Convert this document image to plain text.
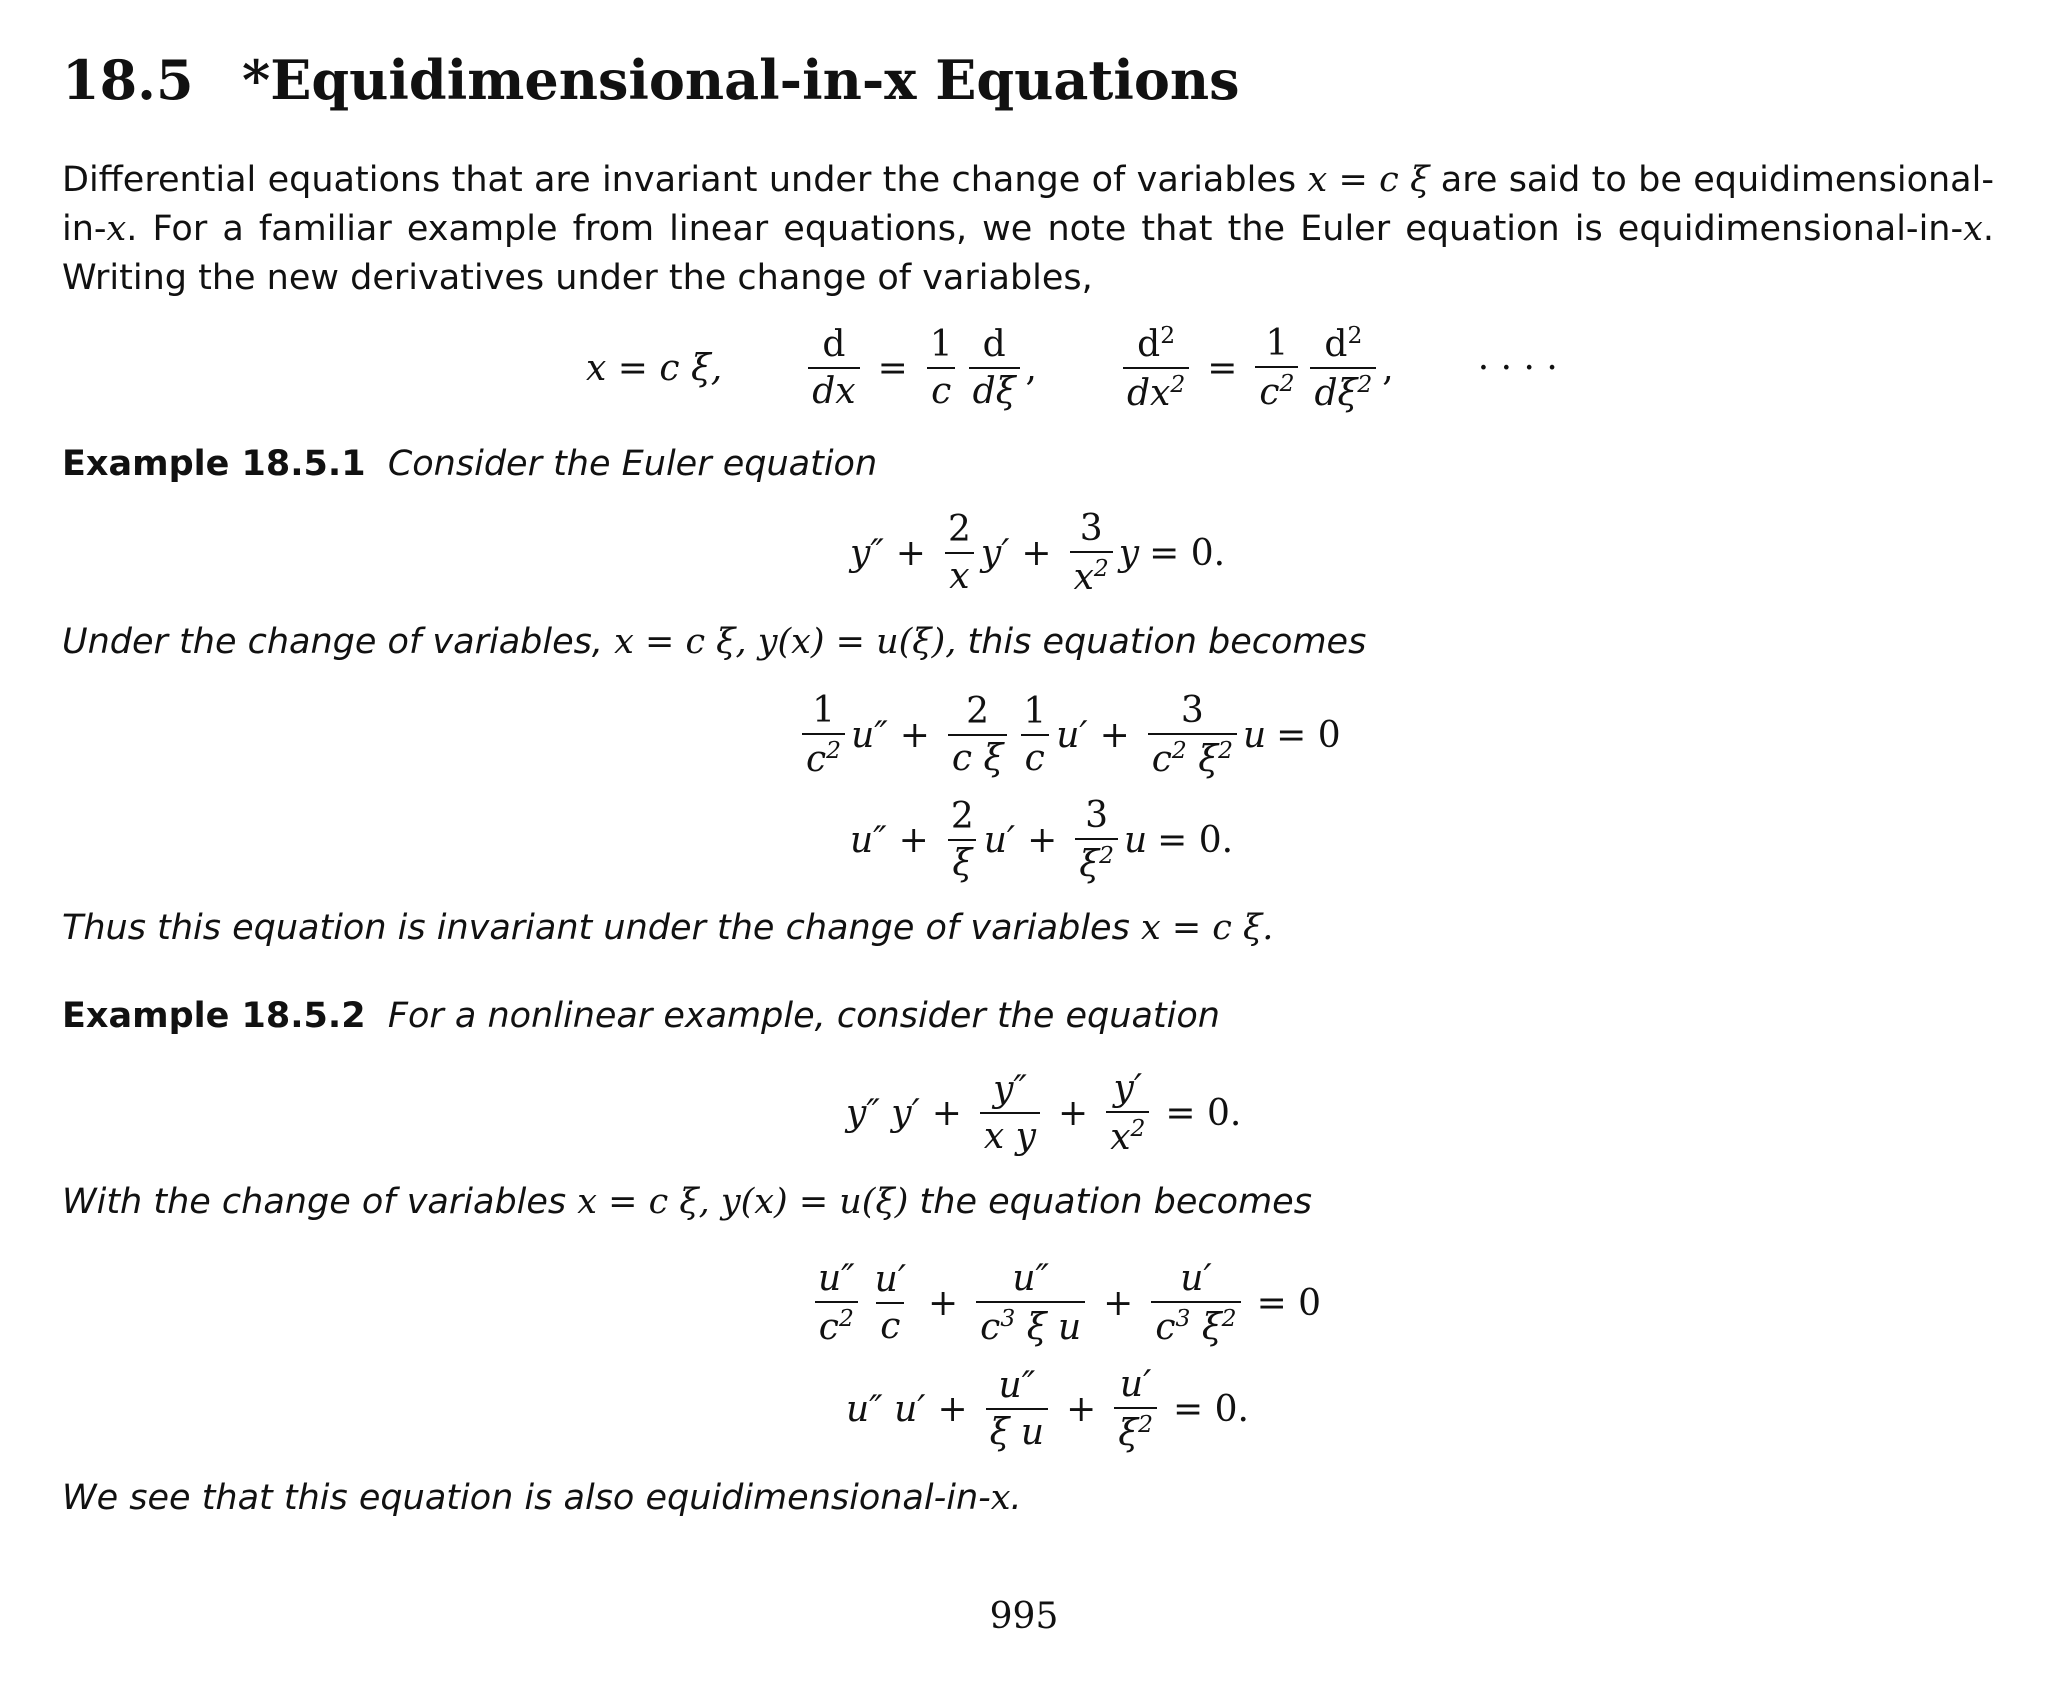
18.5 *Equidimensional-in-x Equations

Differential equations that are invariant under the change of variables x = c ξ are said to be equidimensional-in-x. For a familiar example from linear equations, we note that the Euler equation is equidimensional-in-x. Writing the new derivatives under the change of variables,

x = c ξ, $\frac{d}{dx} = \frac{1}{c} \frac{d}{d\xi}$ , $\frac{d^2}{dx^2} = \frac{1}{c^2} \frac{d^2}{d\xi^2}$ , · · · ·
Example 18.5.1 Consider the Euler equation
$y'' + \frac{2}{x} y' + \frac{3}{x^2}$ y = 0.
Under the change of variables, x = c ξ, y(x) = u(ξ), this equation becomes
$\frac{1}{c^2} u'' + \frac{2}{\text{c ξ}} \frac{1}{c} u' + \frac{3}{c^2 \xi^2}$ u = 0
$u'' + \frac{2}{\xi} u' + \frac{3}{\xi^2}$ u = 0.
Thus this equation is invariant under the change of variables x = c ξ.
Example 18.5.2 For a nonlinear example, consider the equation
y″ $y' + \frac{y''}{\text{x y}} + \frac{y'}{x^2} = 0$.
With the change of variables x = c ξ, y(x) = u(ξ) the equation becomes
$\frac{u''}{c^2} \frac{u'}{c} + \frac{u''}{c^3 \xi u} + \frac{u'}{c^3 \xi^2} = 0$
u″ $u' + \frac{u''}{\text{ξ u}} + \frac{u'}{\xi^2} = 0$.
We see that this equation is also equidimensional-in-x.
995
